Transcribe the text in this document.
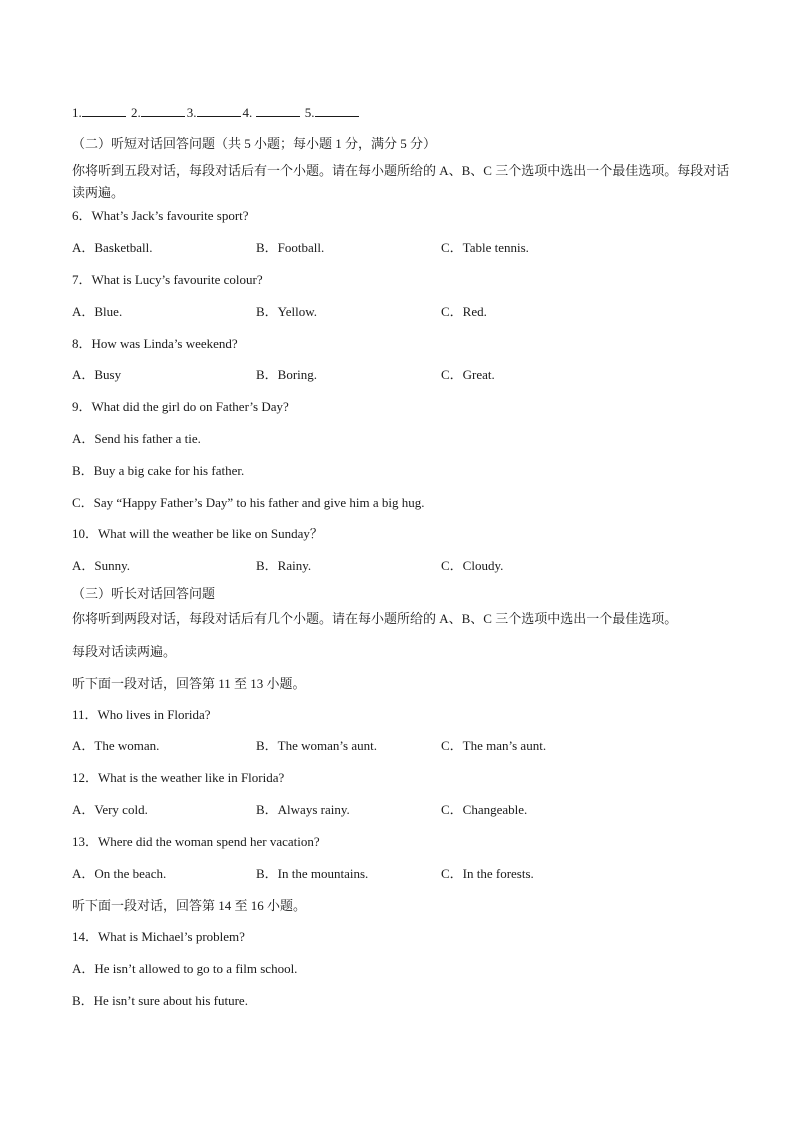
1.	2.	3.	4.	5.
（二）听短对话回答问题（共 5 小题；每小题 1 分，满分 5 分）
你将听到五段对话，每段对话后有一个小题。请在每小题所给的 A、B、C 三个选项中选出一个最佳选项。每段对话读两遍。
6．What’s Jack’s favourite sport?
A．Basketball.	B．Football.	C．Table tennis.
7．What is Lucy’s favourite colour?
A．Blue.	B．Yellow.	C．Red.
8．How was Linda’s weekend?
A．Busy	B．Boring.	C．Great.
9．What did the girl do on Father’s Day?
A．Send his father a tie.
B．Buy a big cake for his father.
C．Say “Happy Father’s Day” to his father and give him a big hug.
10．What will the weather be like on Sunday？
A．Sunny.	B．Rainy.	C．Cloudy.
（三）听长对话回答问题
你将听到两段对话，每段对话后有几个小题。请在每小题所给的 A、B、C 三个选项中选出一个最佳选项。
每段对话读两遍。
听下面一段对话，回答第 11 至 13 小题。
11．Who lives in Florida?
A．The woman.	B．The woman’s aunt.	C．The man’s aunt.
12．What is the weather like in Florida?
A．Very cold.	B．Always rainy.	C．Changeable.
13．Where did the woman spend her vacation?
A．On the beach.	B．In the mountains.	C．In the forests.
听下面一段对话，回答第 14 至 16 小题。
14．What is Michael’s problem?
A．He isn’t allowed to go to a film school.
B．He isn’t sure about his future.
